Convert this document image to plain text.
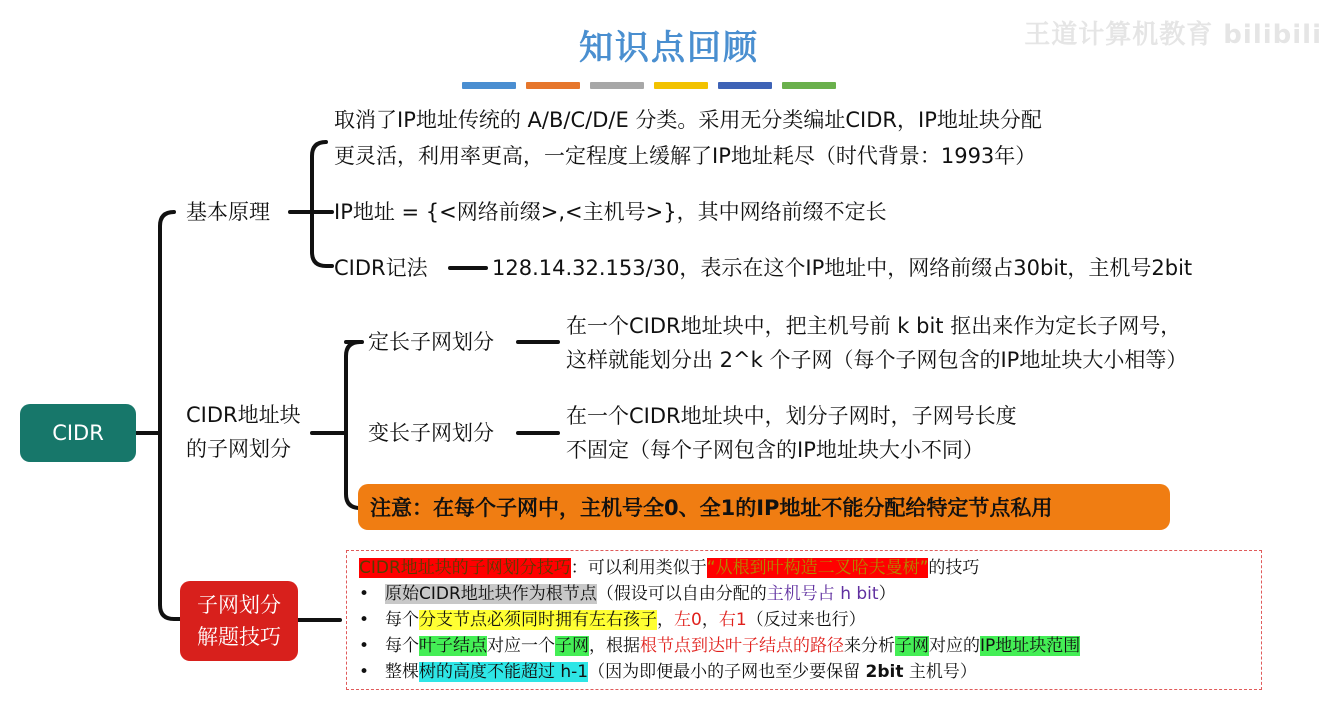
知识点回顾	王道计算机教育 bilibili
CIDR
基本原理
取消了IP地址传统的 A/B/C/D/E 分类。采用无分类编址CIDR，IP地址块分配
更灵活，利用率更高，一定程度上缓解了IP地址耗尽（时代背景：1993年）
IP地址 = {<网络前缀>,<主机号>}，其中网络前缀不定长
CIDR记法	128.14.32.153/30，表示在这个IP地址中，网络前缀占30bit，主机号2bit
CIDR地址块
的子网划分
定长子网划分
在一个CIDR地址块中，把主机号前 k bit 抠出来作为定长子网号，
这样就能划分出 2^k 个子网（每个子网包含的IP地址块大小相等）
变长子网划分
在一个CIDR地址块中，划分子网时，子网号长度
不固定（每个子网包含的IP地址块大小不同）
注意：在每个子网中，主机号全0、全1的IP地址不能分配给特定节点私用
子网划分
解题技巧
CIDR地址块的子网划分技巧：可以利用类似于“从根到叶构造二叉哈夫曼树”的技巧
• 原始CIDR地址块作为根节点（假设可以自由分配的主机号占 h bit）
• 每个分支节点必须同时拥有左右孩子，左0，右1（反过来也行）
• 每个叶子结点对应一个子网，根据根节点到达叶子结点的路径来分析子网对应的IP地址块范围
• 整棵树的高度不能超过 h-1（因为即便最小的子网也至少要保留 2bit 主机号）
